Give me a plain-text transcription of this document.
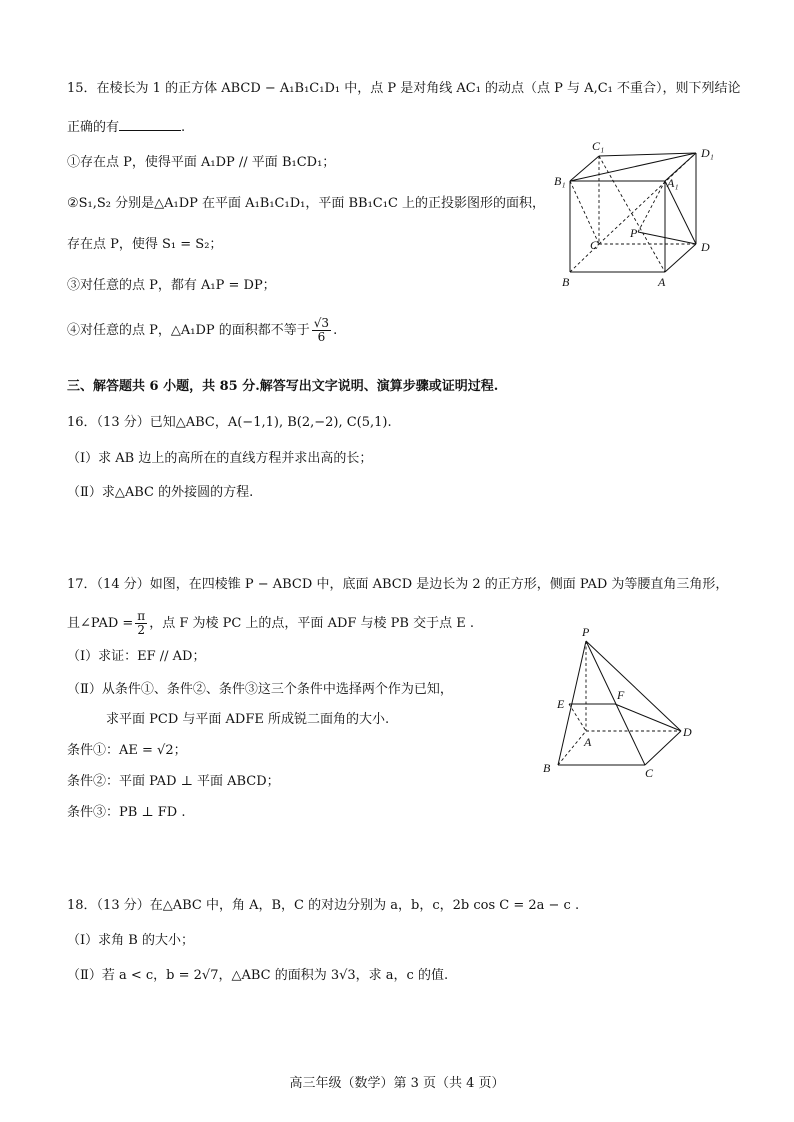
15．在棱长为 1 的正方体 ABCD − A₁B₁C₁D₁ 中，点 P 是对角线 AC₁ 的动点（点 P 与 A,C₁ 不重合），则下列结论
正确的有	.
①存在点 P，使得平面 A₁DP // 平面 B₁CD₁；
②S₁,S₂ 分别是△A₁DP 在平面 A₁B₁C₁D₁，平面 BB₁C₁C 上的正投影图形的面积，
存在点 P，使得 S₁ = S₂；
③对任意的点 P，都有 A₁P = DP；
④对任意的点 P，△A₁DP 的面积都不等于 $\frac{√3}{6}$ .
C₁	D₁
B₁	A₁
P
C	D
B	A
三、解答题共 6 小题，共 85 分.解答写出文字说明、演算步骤或证明过程.
16．（13 分）已知△ABC，A(−1,1), B(2,−2), C(5,1).
（Ⅰ）求 AB 边上的高所在的直线方程并求出高的长；
（Ⅱ）求△ABC 的外接圆的方程.
17．（14 分）如图，在四棱锥 P − ABCD 中，底面 ABCD 是边长为 2 的正方形，侧面 PAD 为等腰直角三角形，
且∠PAD = $\frac{\pi}{2}$ ，点 F 为棱 PC 上的点，平面 ADF 与棱 PB 交于点 E .
（Ⅰ）求证：EF // AD；
（Ⅱ）从条件①、条件②、条件③这三个条件中选择两个作为已知，
求平面 PCD 与平面 ADFE 所成锐二面角的大小.
条件①：AE = √2；
条件②：平面 PAD ⊥ 平面 ABCD；
条件③：PB ⊥ FD .
P
E
F
A
D
B	C
18．（13 分）在△ABC 中，角 A，B，C 的对边分别为 a，b，c，2b cos C = 2a − c .
（Ⅰ）求角 B 的大小；
（Ⅱ）若 a < c，b = 2√7，△ABC 的面积为 3√3，求 a，c 的值.
高三年级（数学）第 3 页（共 4 页）
